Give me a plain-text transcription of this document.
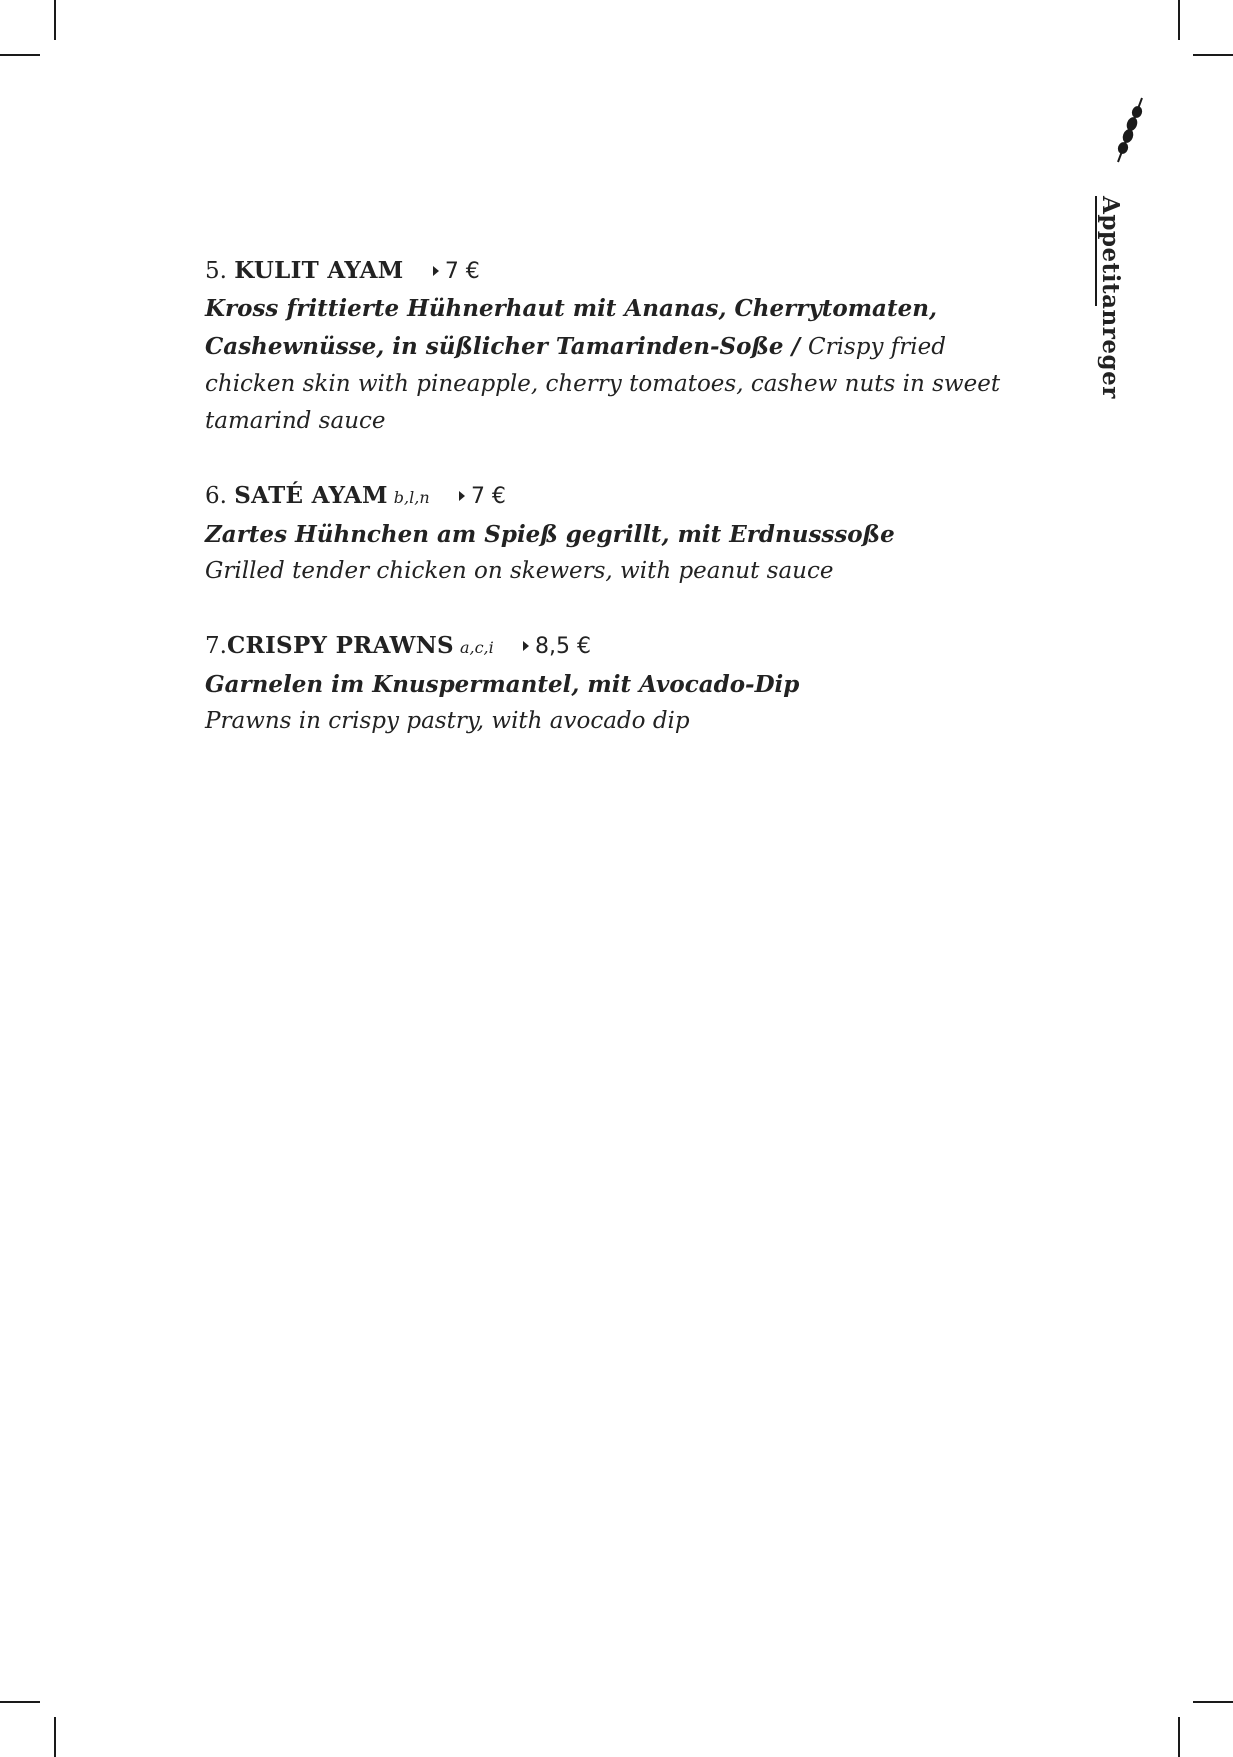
Appetitanreger
5. KULIT AYAM 7 €
Kross frittierte Hühnerhaut mit Ananas, Cherrytomaten, Cashewnüsse, in süßlicher Tamarinden-Soße / Crispy fried chicken skin with pineapple, cherry tomatoes, cashew nuts in sweet tamarind sauce
6. SATÉ AYAM b,l,n 7 €
Zartes Hühnchen am Spieß gegrillt, mit Erdnusssoße
Grilled tender chicken on skewers, with peanut sauce
7.CRISPY PRAWNS a,c,i 8,5 €
Garnelen im Knuspermantel, mit Avocado-Dip
Prawns in crispy pastry, with avocado dip
